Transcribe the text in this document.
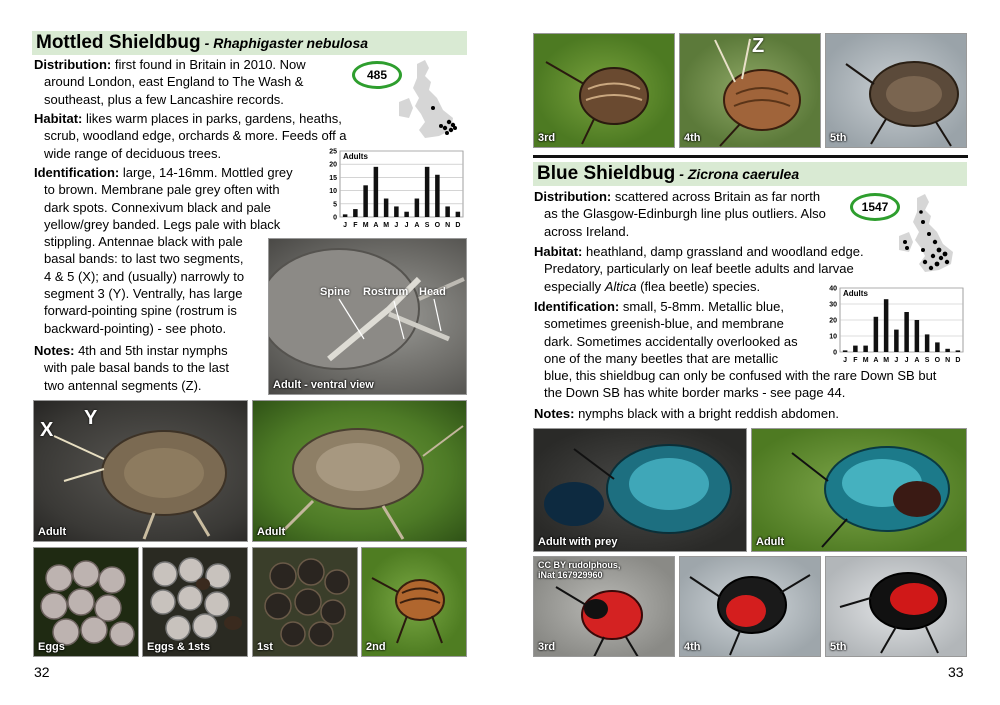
Mottled Shieldbug - Rhaphigaster nebulosa
Distribution: first found in Britain in 2010. Now
around London, east England to The Wash &
southeast, plus a few Lancashire records.
485
Habitat: likes warm places in parks, gardens, heaths,
scrub, woodland edge, orchards & more. Feeds off a
wide range of deciduous trees.
Identification: large, 14-16mm. Mottled grey
to brown. Membrane pale grey often with
dark spots. Connexivum black and pale
yellow/grey banded. Legs pale with black
stippling. Antennae black with pale
basal bands: to last two segments,
4 & 5 (X); and (usually) narrowly to
segment 3 (Y). Ventrally, has large
forward-pointing spine (rostrum is
backward-pointing) - see photo.
Notes: 4th and 5th instar nymphs
with pale basal bands to the last
two antennal segments (Z).
0
5
10
15
20
25
J F M A M J J A S O N D
Adults
Spine Rostrum Head
Adult - ventral view
X
Y
Adult	Adult
Eggs	Eggs & 1sts	1st	2nd
32
3rd
Z
4th	5th
Blue Shieldbug - Zicrona caerulea
Distribution: scattered across Britain as far north
as the Glasgow-Edinburgh line plus outliers. Also
across Ireland.
1547
Habitat: heathland, damp grassland and woodland edge.
Predatory, particularly on leaf beetle adults and larvae
especially Altica (flea beetle) species.
Identification: small, 5-8mm. Metallic blue,
sometimes greenish-blue, and membrane
dark. Sometimes accidentally overlooked as
one of the many beetles that are metallic
blue, this shieldbug can only be confused with the rare Down SB but
the Down SB has white border marks - see page 44.
Notes: nymphs black with a bright reddish abdomen.
0
10
20
30
40
J F M A M J J A S O N D
Adults
Adult with prey	Adult
CC BY rudolphous,
iNat 167929960
3rd	4th	5th
33
